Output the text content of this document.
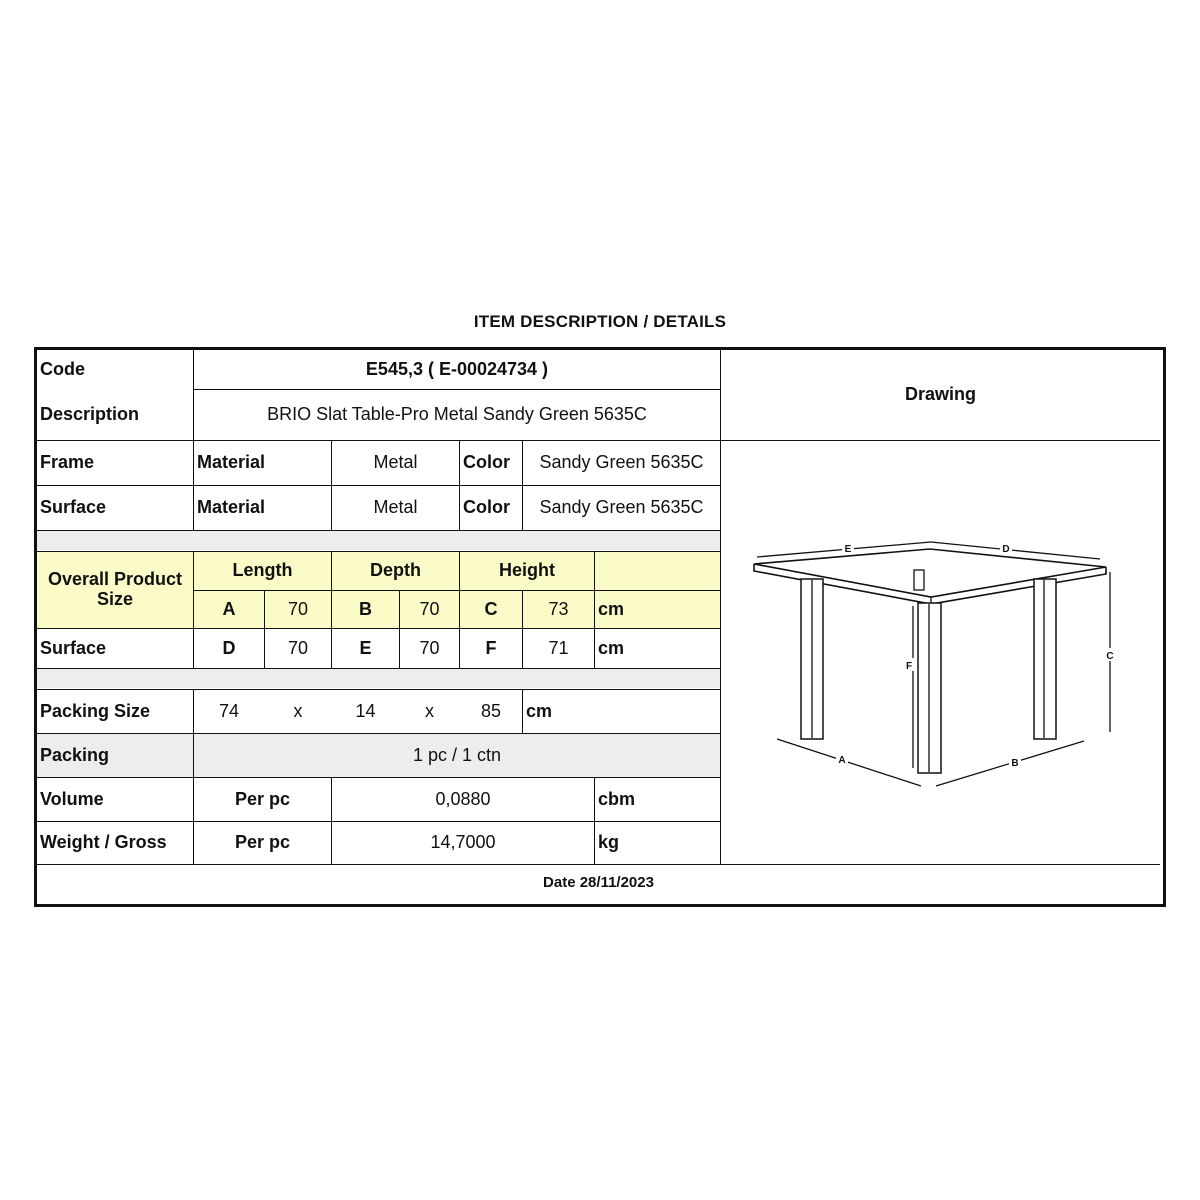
ITEM DESCRIPTION / DETAILS
Code	E545,3 ( E-00024734 )
Description	BRIO Slat Table-Pro Metal Sandy Green 5635C
Drawing
Frame	Material	Metal	Color	Sandy Green 5635C
Surface	Material	Metal	Color	Sandy Green 5635C
Overall Product Size
Length	Depth	Height
A	70	B	70	C	73	cm
Surface	D	70	E	70	F	71	cm
Packing Size	74	x	14	x	85	cm
Packing	1 pc / 1 ctn
Volume	Per pc	0,0880	cbm
Weight / Gross	Per pc	14,7000	kg
Date 28/11/2023
E	D
C
F
A	B
